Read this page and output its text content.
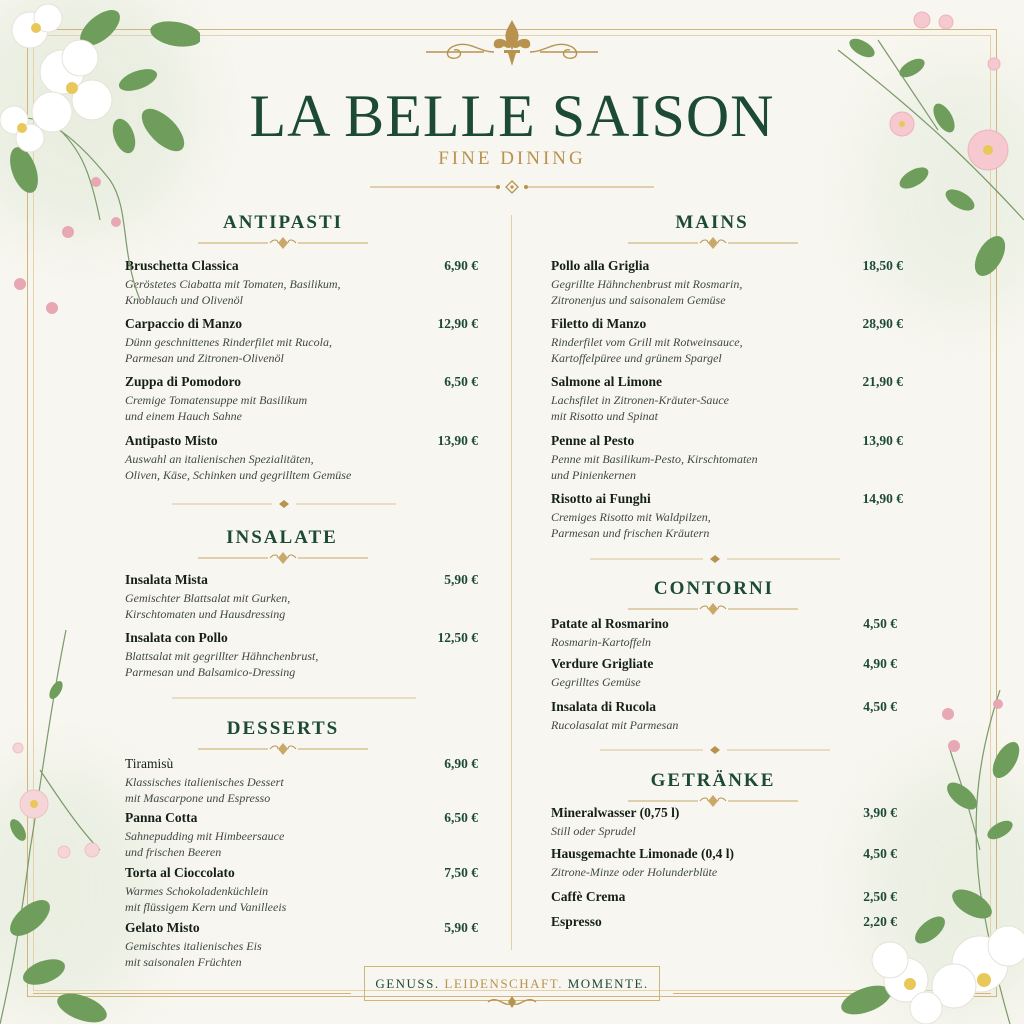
LA BELLE SAISON
FINE DINING
ANTIPASTI
Bruschetta Classica
Geröstetes Ciabatta mit Tomaten, Basilikum,
Knoblauch und Olivenöl
6,90 €
Carpaccio di Manzo
Dünn geschnittenes Rinderfilet mit Rucola,
Parmesan und Zitronen-Olivenöl
12,90 €
Zuppa di Pomodoro
Cremige Tomatensuppe mit Basilikum
und einem Hauch Sahne
6,50 €
Antipasto Misto
Auswahl an italienischen Spezialitäten,
Oliven, Käse, Schinken und gegrilltem Gemüse
13,90 €
INSALATE
Insalata Mista
Gemischter Blattsalat mit Gurken,
Kirschtomaten und Hausdressing
5,90 €
Insalata con Pollo
Blattsalat mit gegrillter Hähnchenbrust,
Parmesan und Balsamico-Dressing
12,50 €
DESSERTS
Tiramisù
Klassisches italienisches Dessert
mit Mascarpone und Espresso
6,90 €
Panna Cotta
Sahnepudding mit Himbeersauce
und frischen Beeren
6,50 €
Torta al Cioccolato
Warmes Schokoladenküchlein
mit flüssigem Kern und Vanilleeis
7,50 €
Gelato Misto
Gemischtes italienisches Eis
mit saisonalen Früchten
5,90 €
MAINS
Pollo alla Griglia
Gegrillte Hähnchenbrust mit Rosmarin,
Zitronenjus und saisonalem Gemüse
18,50 €
Filetto di Manzo
Rinderfilet vom Grill mit Rotweinsauce,
Kartoffelpüree und grünem Spargel
28,90 €
Salmone al Limone
Lachsfilet in Zitronen-Kräuter-Sauce
mit Risotto und Spinat
21,90 €
Penne al Pesto
Penne mit Basilikum-Pesto, Kirschtomaten
und Pinienkernen
13,90 €
Risotto ai Funghi
Cremiges Risotto mit Waldpilzen,
Parmesan und frischen Kräutern
14,90 €
CONTORNI
Patate al Rosmarino
Rosmarin-Kartoffeln
4,50 €
Verdure Grigliate
Gegrilltes Gemüse
4,90 €
Insalata di Rucola
Rucolasalat mit Parmesan
4,50 €
GETRÄNKE
Mineralwasser (0,75 l)
Still oder Sprudel
3,90 €
Hausgemachte Limonade (0,4 l)
Zitrone-Minze oder Holunderblüte
4,50 €
Caffè Crema	2,50 €
Espresso	2,20 €
GENUSS. LEIDENSCHAFT. MOMENTE.
